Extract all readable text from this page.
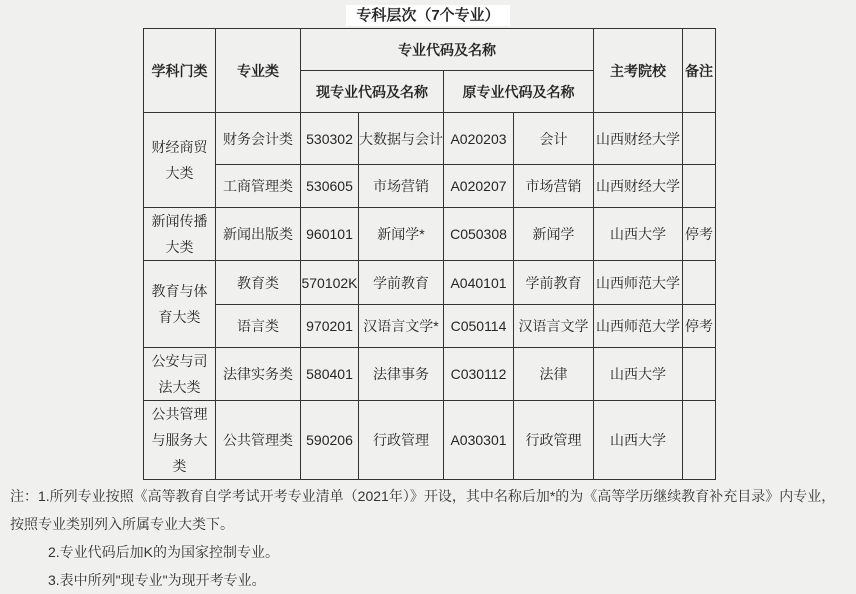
专科层次（7个专业）
学科门类	专业类	专业代码及名称				主考院校	备注
		现专业代码及名称		原专业代码及名称			
财经商贸大类	财务会计类	530302	大数据与会计	A020203	会计	山西财经大学	
	工商管理类	530605	市场营销	A020207	市场营销	山西财经大学	
新闻传播大类	新闻出版类	960101	新闻学*	C050308	新闻学	山西大学	停考
教育与体育大类	教育类	570102K	学前教育	A040101	学前教育	山西师范大学	
	语言类	970201	汉语言文学*	C050114	汉语言文学	山西师范大学	停考
公安与司法大类	法律实务类	580401	法律事务	C030112	法律	山西大学	
公共管理与服务大类	公共管理类	590206	行政管理	A030301	行政管理	山西大学	

注：1.所列专业按照《高等教育自学考试开考专业清单（2021年）》开设，其中名称后加*的为《高等学历继续教育补充目录》内专业，按照专业类别列入所属专业大类下。

2.专业代码后加K的为国家控制专业。

3.表中所列"现专业"为现开考专业。
